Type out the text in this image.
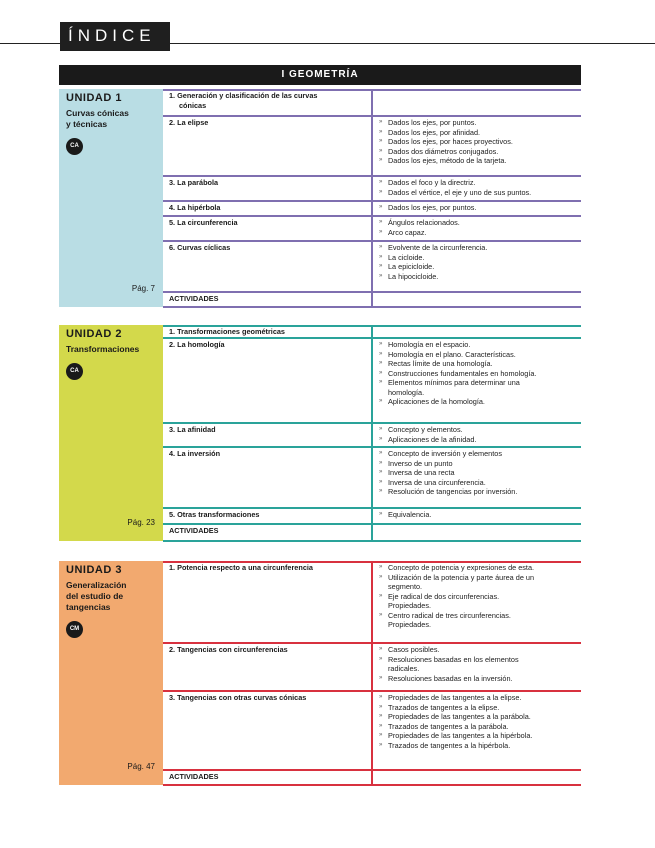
ÍNDICE
I GEOMETRÍA
UNIDAD 1
Curvas cónicas
y técnicas
CA
Pág. 7
1. Generación y clasificación de las curvas
cónicas
2. La elipse	» Dados los ejes, por puntos.
» Dados los ejes, por afinidad.
» Dados los ejes, por haces proyectivos.
» Dados dos diámetros conjugados.
» Dados los ejes, método de la tarjeta.
3. La parábola	» Dados el foco y la directriz.
» Dados el vértice, el eje y uno de sus puntos.
4. La hipérbola	» Dados los ejes, por puntos.
5. La circunferencia	» Ángulos relacionados.
» Arco capaz.
6. Curvas cíclicas	» Evolvente de la circunferencia.
» La cicloide.
» La epicicloide.
» La hipocicloide.
ACTIVIDADES
UNIDAD 2
Transformaciones
CA
Pág. 23
1. Transformaciones geométricas
2. La homología	» Homología en el espacio.
» Homología en el plano. Características.
» Rectas límite de una homología.
» Construcciones fundamentales en homología.
» Elementos mínimos para determinar una
homología.
» Aplicaciones de la homología.
3. La afinidad	» Concepto y elementos.
» Aplicaciones de la afinidad.
4. La inversión	» Concepto de inversión y elementos
» Inverso de un punto
» Inversa de una recta
» Inversa de una circunferencia.
» Resolución de tangencias por inversión.
5. Otras transformaciones	» Equivalencia.
ACTIVIDADES
UNIDAD 3
Generalización
del estudio de
tangencias
CM
Pág. 47
1. Potencia respecto a una circunferencia	» Concepto de potencia y expresiones de esta.
» Utilización de la potencia y parte áurea de un
segmento.
» Eje radical de dos circunferencias.
Propiedades.
» Centro radical de tres circunferencias.
Propiedades.
2. Tangencias con circunferencias	» Casos posibles.
» Resoluciones basadas en los elementos
radicales.
» Resoluciones basadas en la inversión.
3. Tangencias con otras curvas cónicas	» Propiedades de las tangentes a la elipse.
» Trazados de tangentes a la elipse.
» Propiedades de las tangentes a la parábola.
» Trazados de tangentes a la parábola.
» Propiedades de las tangentes a la hipérbola.
» Trazados de tangentes a la hipérbola.
ACTIVIDADES
